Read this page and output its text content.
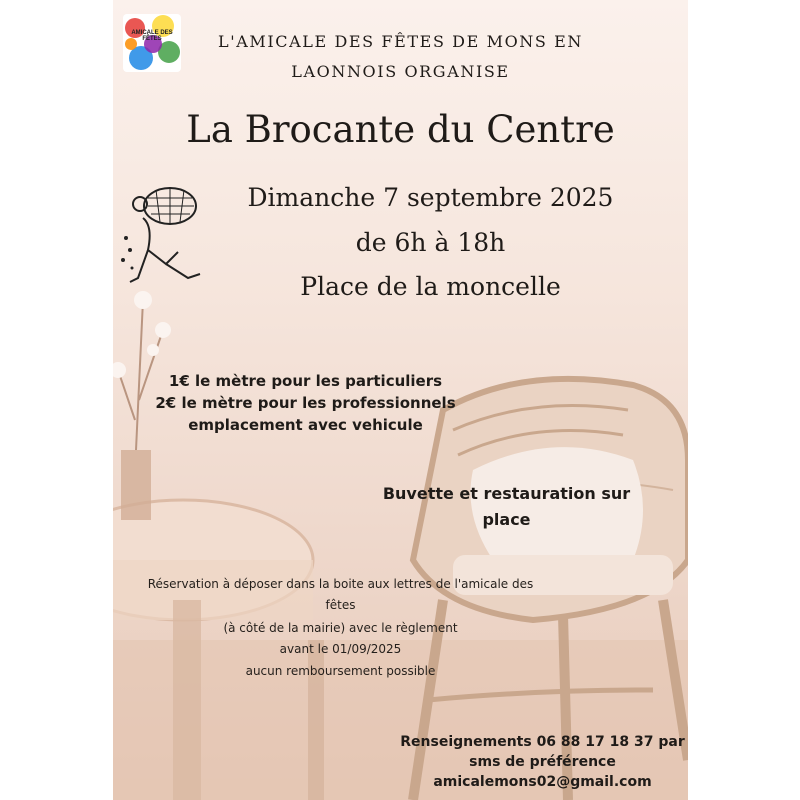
AMICALE DES FÊTES	L'AMICALE DES FÊTES DE MONS EN
LAONNOIS ORGANISE
La Brocante du Centre
Dimanche 7 septembre 2025
de 6h à 18h
Place de la moncelle
1€ le mètre pour les particuliers
2€ le mètre pour les professionnels
emplacement avec vehicule
Buvette et restauration sur
place
Réservation à déposer dans la boite aux lettres de l'amicale des
fêtes
(à côté de la mairie) avec le règlement
avant le 01/09/2025
aucun remboursement possible
Renseignements 06 88 17 18 37 par
sms de préférence
amicalemons02@gmail.com
